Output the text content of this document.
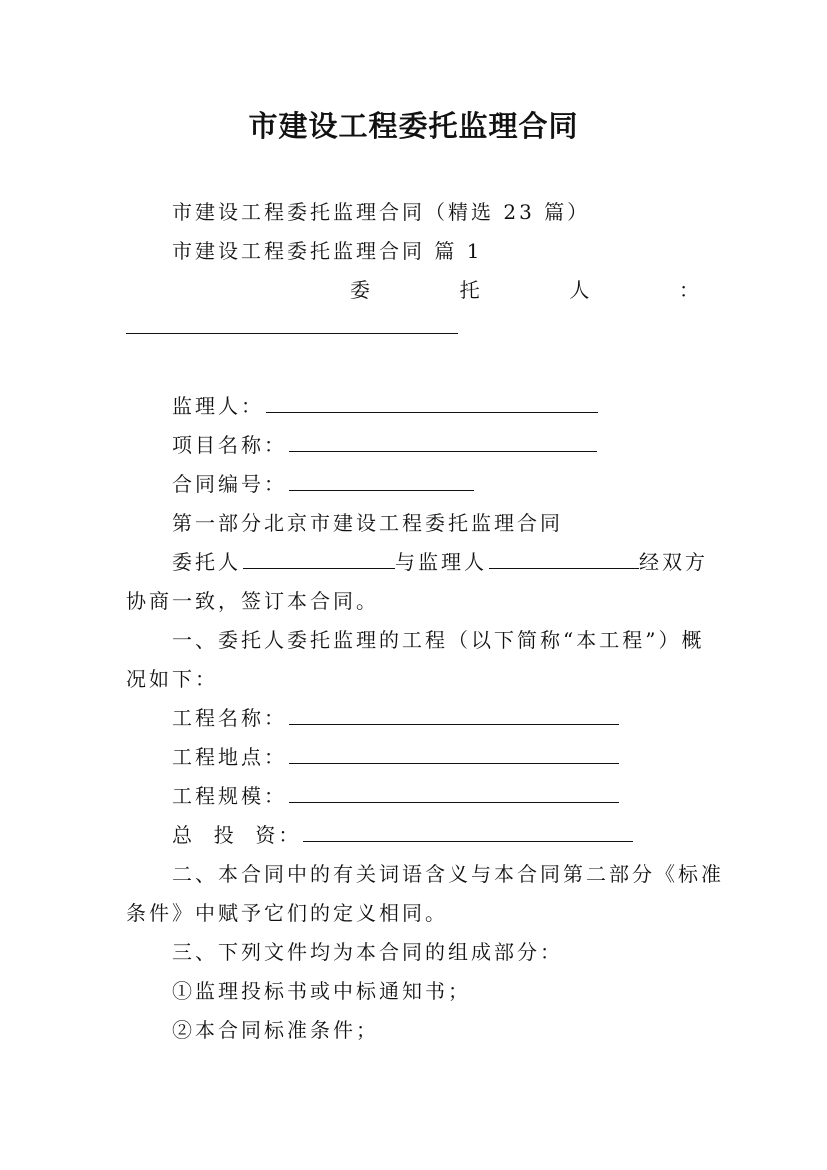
市建设工程委托监理合同
市建设工程委托监理合同（精选 23 篇）
市建设工程委托监理合同 篇 1
委	托	人	：
监理人：
项目名称：
合同编号：
第一部分北京市建设工程委托监理合同
委托人	与监理人	经双方
协商一致，签订本合同。
一、委托人委托监理的工程（以下简称“本工程”）概
况如下：
工程名称：
工程地点：
工程规模：
总  投  资：
二、本合同中的有关词语含义与本合同第二部分《标准
条件》中赋予它们的定义相同。
三、下列文件均为本合同的组成部分：
①监理投标书或中标通知书；
②本合同标准条件；
